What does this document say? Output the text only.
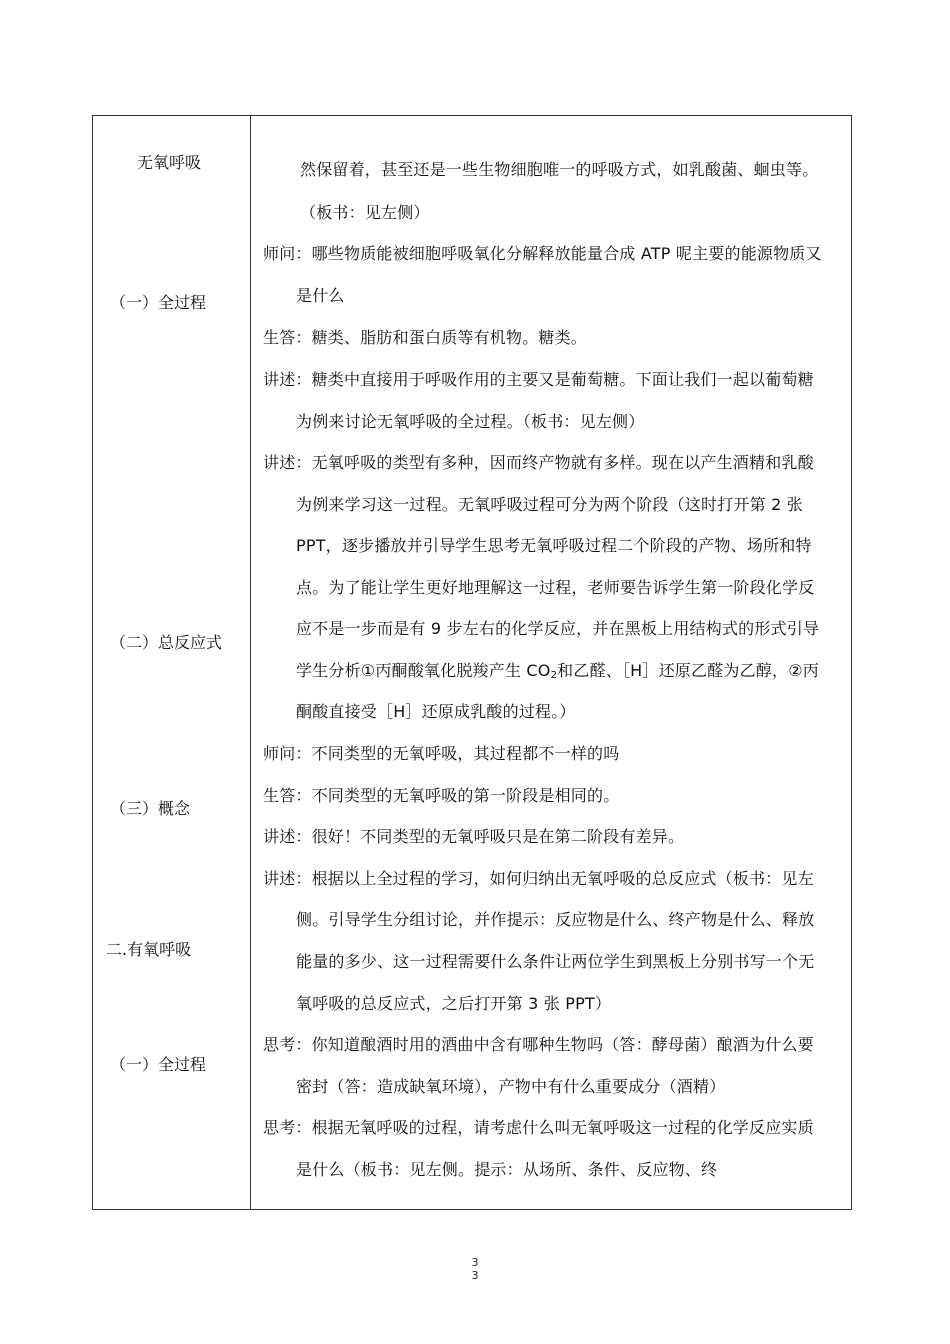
无氧呼吸
（一）全过程
（二）总反应式
（三）概念
二.有氧呼吸
（一）全过程
然保留着，甚至还是一些生物细胞唯一的呼吸方式，如乳酸菌、蛔虫等。
（板书：见左侧）
师问：哪些物质能被细胞呼吸氧化分解释放能量合成 ATP 呢主要的能源物质又
是什么
生答：糖类、脂肪和蛋白质等有机物。糖类。
讲述：糖类中直接用于呼吸作用的主要又是葡萄糖。下面让我们一起以葡萄糖
为例来讨论无氧呼吸的全过程。（板书：见左侧）
讲述：无氧呼吸的类型有多种，因而终产物就有多样。现在以产生酒精和乳酸
为例来学习这一过程。无氧呼吸过程可分为两个阶段（这时打开第 2 张
PPT，逐步播放并引导学生思考无氧呼吸过程二个阶段的产物、场所和特
点。为了能让学生更好地理解这一过程，老师要告诉学生第一阶段化学反
应不是一步而是有 9 步左右的化学反应，并在黑板上用结构式的形式引导
学生分析①丙酮酸氧化脱羧产生 $CO_2$和乙醛、［H］还原乙醛为乙醇，②丙
酮酸直接受［H］还原成乳酸的过程。）
师问：不同类型的无氧呼吸，其过程都不一样的吗
生答：不同类型的无氧呼吸的第一阶段是相同的。
讲述：很好！不同类型的无氧呼吸只是在第二阶段有差异。
讲述：根据以上全过程的学习，如何归纳出无氧呼吸的总反应式（板书：见左
侧。引导学生分组讨论，并作提示：反应物是什么、终产物是什么、释放
能量的多少、这一过程需要什么条件让两位学生到黑板上分别书写一个无
氧呼吸的总反应式，之后打开第 3 张 PPT）
思考：你知道酿酒时用的酒曲中含有哪种生物吗（答：酵母菌）酿酒为什么要
密封（答：造成缺氧环境），产物中有什么重要成分（酒精）
思考：根据无氧呼吸的过程，请考虑什么叫无氧呼吸这一过程的化学反应实质
是什么（板书：见左侧。提示：从场所、条件、反应物、终
3
3
